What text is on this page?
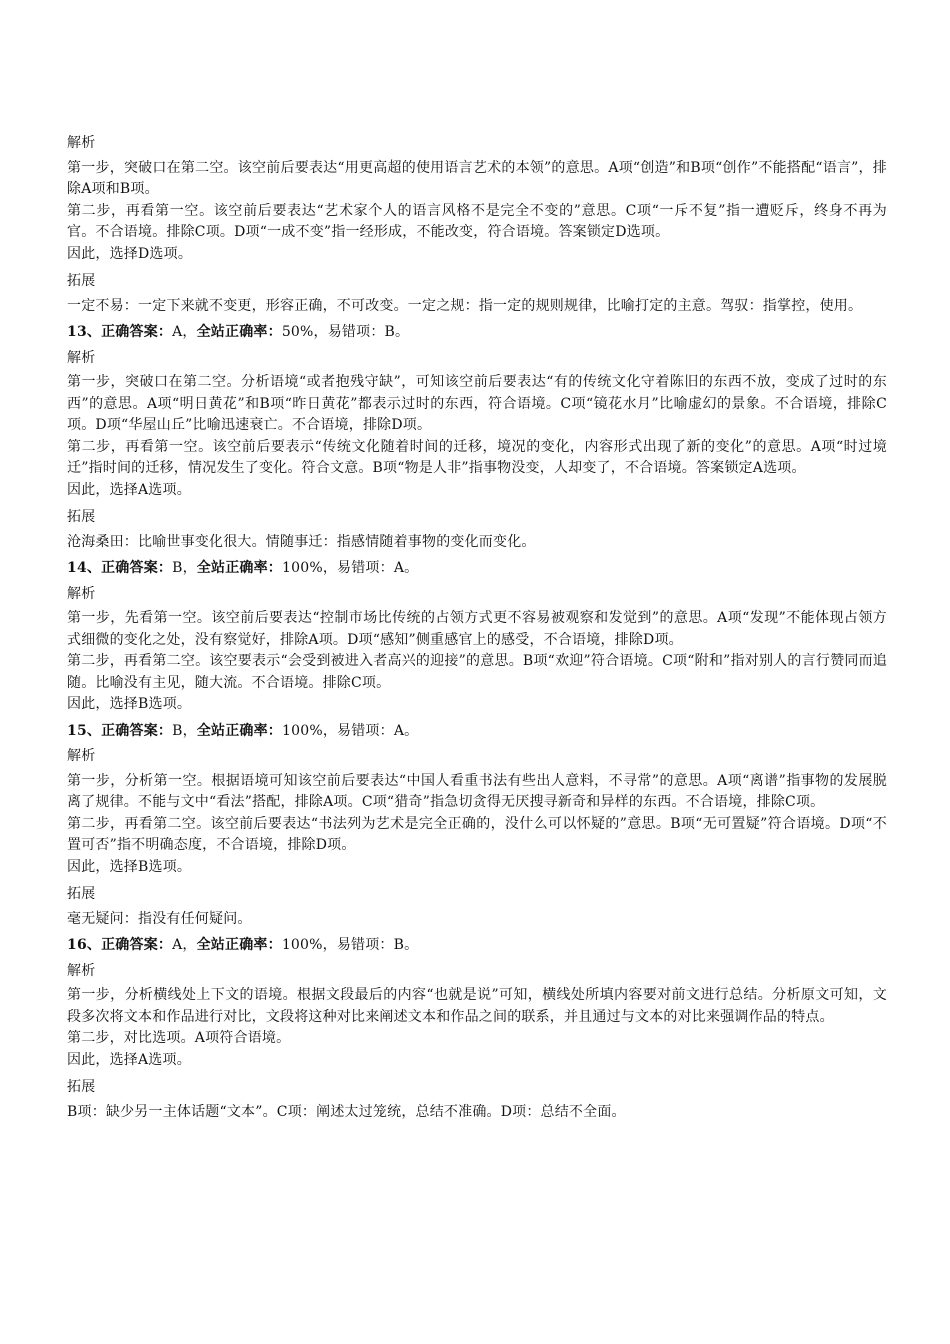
解析

第一步，突破口在第二空。该空前后要表达“用更高超的使用语言艺术的本领”的意思。A项“创造”和B项“创作”不能搭配“语言”，排除A项和B项。

第二步，再看第一空。该空前后要表达“艺术家个人的语言风格不是完全不变的”意思。C项“一斥不复”指一遭贬斥，终身不再为官。不合语境。排除C项。D项“一成不变”指一经形成，不能改变，符合语境。答案锁定D选项。

因此，选择D选项。

拓展

一定不易：一定下来就不变更，形容正确，不可改变。一定之规：指一定的规则规律，比喻打定的主意。驾驭：指掌控，使用。

13、正确答案：A，全站正确率：50%，易错项：B。
解析

第一步，突破口在第二空。分析语境“或者抱残守缺”，可知该空前后要表达“有的传统文化守着陈旧的东西不放，变成了过时的东西”的意思。A项“明日黄花”和B项“昨日黄花”都表示过时的东西，符合语境。C项“镜花水月”比喻虚幻的景象。不合语境，排除C项。D项“华屋山丘”比喻迅速衰亡。不合语境，排除D项。

第二步，再看第一空。该空前后要表示“传统文化随着时间的迁移，境况的变化，内容形式出现了新的变化”的意思。A项“时过境迁”指时间的迁移，情况发生了变化。符合文意。B项“物是人非”指事物没变，人却变了，不合语境。答案锁定A选项。

因此，选择A选项。

拓展

沧海桑田：比喻世事变化很大。情随事迁：指感情随着事物的变化而变化。

14、正确答案：B，全站正确率：100%，易错项：A。
解析

第一步，先看第一空。该空前后要表达“控制市场比传统的占领方式更不容易被观察和发觉到”的意思。A项“发现”不能体现占领方式细微的变化之处，没有察觉好，排除A项。D项“感知”侧重感官上的感受，不合语境，排除D项。

第二步，再看第二空。该空要表示“会受到被进入者高兴的迎接”的意思。B项“欢迎”符合语境。C项“附和”指对别人的言行赞同而追随。比喻没有主见，随大流。不合语境。排除C项。

因此，选择B选项。

15、正确答案：B，全站正确率：100%，易错项：A。
解析

第一步，分析第一空。根据语境可知该空前后要表达“中国人看重书法有些出人意料，不寻常”的意思。A项“离谱”指事物的发展脱离了规律。不能与文中“看法”搭配，排除A项。C项“猎奇”指急切贪得无厌搜寻新奇和异样的东西。不合语境，排除C项。

第二步，再看第二空。该空前后要表达“书法列为艺术是完全正确的，没什么可以怀疑的”意思。B项“无可置疑”符合语境。D项“不置可否”指不明确态度，不合语境，排除D项。

因此，选择B选项。

拓展

毫无疑问：指没有任何疑问。

16、正确答案：A，全站正确率：100%，易错项：B。
解析

第一步，分析横线处上下文的语境。根据文段最后的内容“也就是说”可知，横线处所填内容要对前文进行总结。分析原文可知，文段多次将文本和作品进行对比，文段将这种对比来阐述文本和作品之间的联系，并且通过与文本的对比来强调作品的特点。

第二步，对比选项。A项符合语境。

因此，选择A选项。

拓展

B项：缺少另一主体话题“文本”。C项：阐述太过笼统，总结不准确。D项：总结不全面。
